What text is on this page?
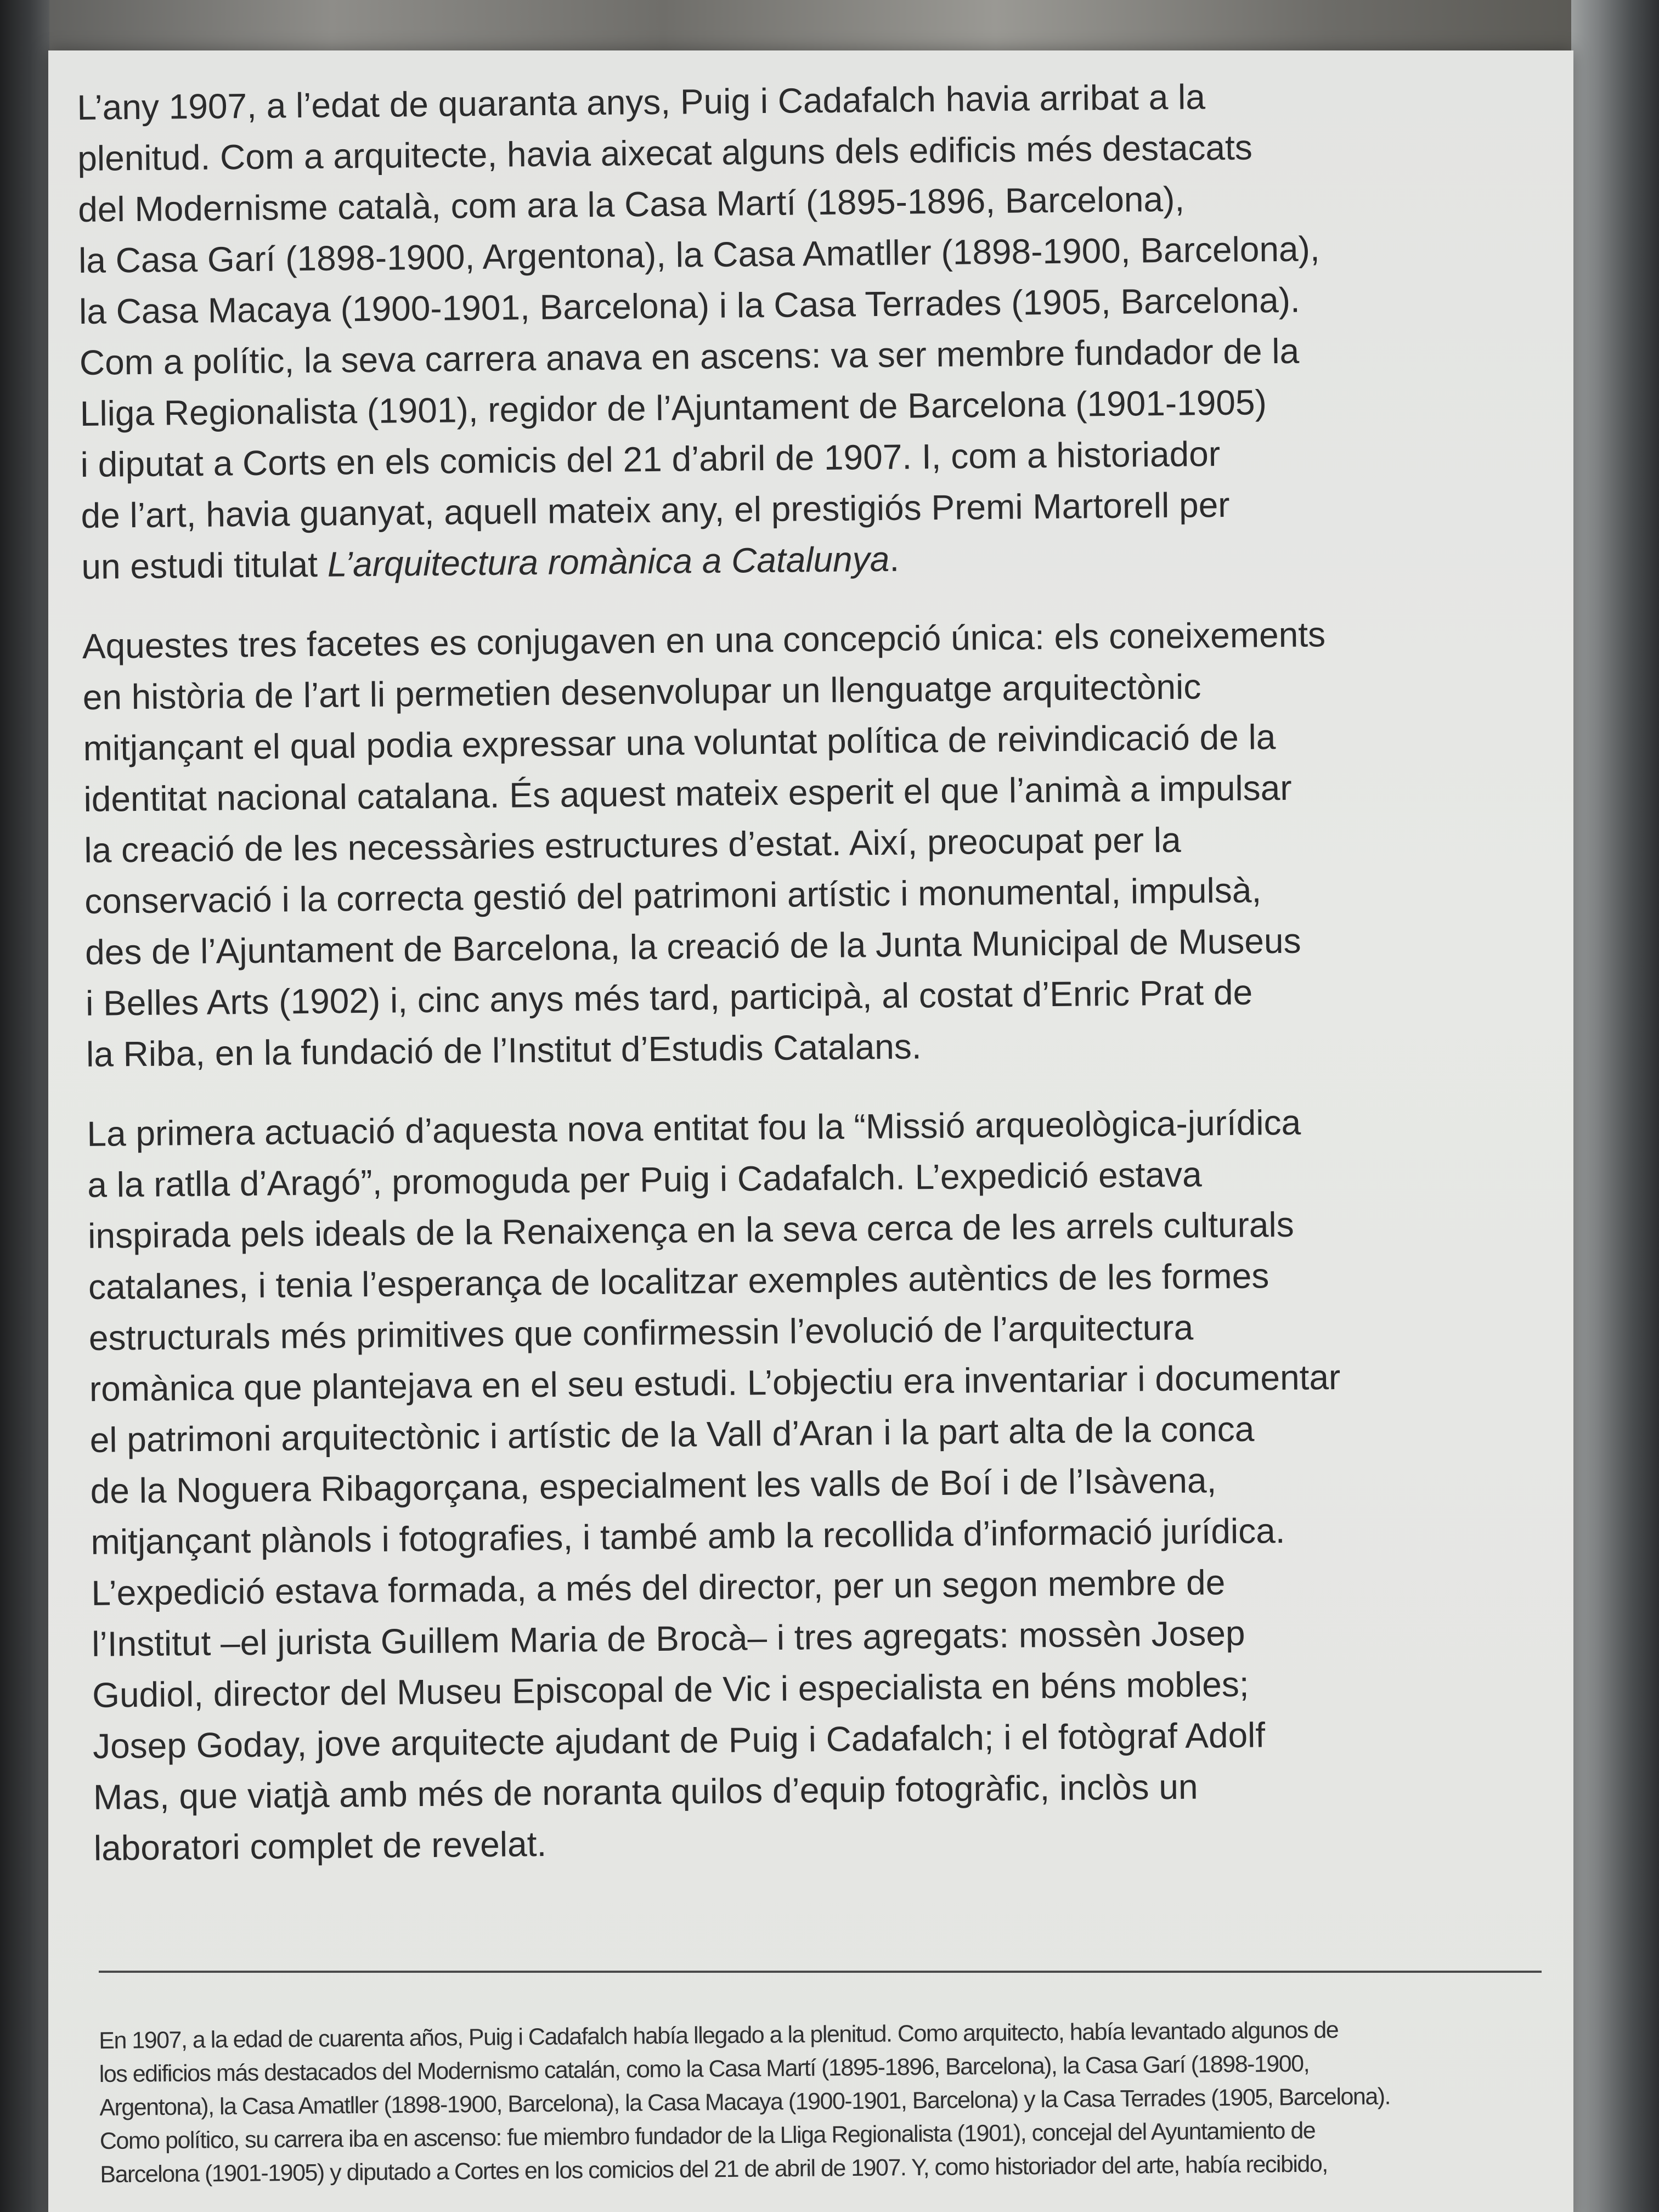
L’any 1907, a l’edat de quaranta anys, Puig i Cadafalch havia arribat a la
plenitud. Com a arquitecte, havia aixecat alguns dels edificis més destacats
del Modernisme català, com ara la Casa Martí (1895-1896, Barcelona),
la Casa Garí (1898-1900, Argentona), la Casa Amatller (1898-1900, Barcelona),
la Casa Macaya (1900-1901, Barcelona) i la Casa Terrades (1905, Barcelona).
Com a polític, la seva carrera anava en ascens: va ser membre fundador de la
Lliga Regionalista (1901), regidor de l’Ajuntament de Barcelona (1901-1905)
i diputat a Corts en els comicis del 21 d’abril de 1907. I, com a historiador
de l’art, havia guanyat, aquell mateix any, el prestigiós Premi Martorell per
un estudi titulat L’arquitectura romànica a Catalunya.

Aquestes tres facetes es conjugaven en una concepció única: els coneixements
en història de l’art li permetien desenvolupar un llenguatge arquitectònic
mitjançant el qual podia expressar una voluntat política de reivindicació de la
identitat nacional catalana. És aquest mateix esperit el que l’animà a impulsar
la creació de les necessàries estructures d’estat. Així, preocupat per la
conservació i la correcta gestió del patrimoni artístic i monumental, impulsà,
des de l’Ajuntament de Barcelona, la creació de la Junta Municipal de Museus
i Belles Arts (1902) i, cinc anys més tard, participà, al costat d’Enric Prat de
la Riba, en la fundació de l’Institut d’Estudis Catalans.

La primera actuació d’aquesta nova entitat fou la “Missió arqueològica-jurídica
a la ratlla d’Aragó”, promoguda per Puig i Cadafalch. L’expedició estava
inspirada pels ideals de la Renaixença en la seva cerca de les arrels culturals
catalanes, i tenia l’esperança de localitzar exemples autèntics de les formes
estructurals més primitives que confirmessin l’evolució de l’arquitectura
romànica que plantejava en el seu estudi. L’objectiu era inventariar i documentar
el patrimoni arquitectònic i artístic de la Vall d’Aran i la part alta de la conca
de la Noguera Ribagorçana, especialment les valls de Boí i de l’Isàvena,
mitjançant plànols i fotografies, i també amb la recollida d’informació jurídica.
L’expedició estava formada, a més del director, per un segon membre de
l’Institut –el jurista Guillem Maria de Brocà– i tres agregats: mossèn Josep
Gudiol, director del Museu Episcopal de Vic i especialista en béns mobles;
Josep Goday, jove arquitecte ajudant de Puig i Cadafalch; i el fotògraf Adolf
Mas, que viatjà amb més de noranta quilos d’equip fotogràfic, inclòs un
laboratori complet de revelat.

En 1907, a la edad de cuarenta años, Puig i Cadafalch había llegado a la plenitud. Como arquitecto, había levantado algunos de
los edificios más destacados del Modernismo catalán, como la Casa Martí (1895-1896, Barcelona), la Casa Garí (1898-1900,
Argentona), la Casa Amatller (1898-1900, Barcelona), la Casa Macaya (1900-1901, Barcelona) y la Casa Terrades (1905, Barcelona).
Como político, su carrera iba en ascenso: fue miembro fundador de la Lliga Regionalista (1901), concejal del Ayuntamiento de
Barcelona (1901-1905) y diputado a Cortes en los comicios del 21 de abril de 1907. Y, como historiador del arte, había recibido,
